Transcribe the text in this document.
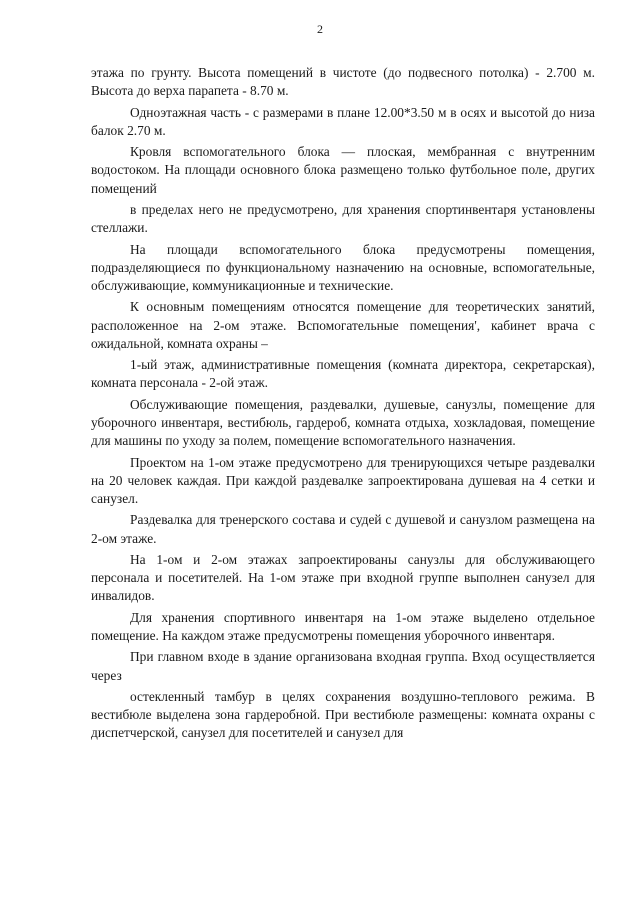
2

этажа по грунту. Высота помещений в чистоте (до подвесного потолка) - 2.700 м. Высота до верха парапета - 8.70 м.

Одноэтажная часть - с размерами в плане 12.00*3.50 м в осях и высотой до низа балок 2.70 м.

Кровля вспомогательного блока — плоская, мембранная с внутренним водостоком. На площади основного блока размещено только футбольное поле, других помещений

в пределах него не предусмотрено, для хранения спортинвентаря установлены стеллажи.

На площади вспомогательного блока предусмотрены помещения, подразделяющиеся по функциональному назначению на основные, вспомогательные, обслуживающие, коммуникационные и технические.

К основным помещениям относятся помещение для теоретических занятий, расположенное на 2-ом этаже. Вспомогательные помещения', кабинет врача с ожидальной, комната охраны –

1-ый этаж, административные помещения (комната директора, секретарская), комната персонала - 2-ой этаж.

Обслуживающие помещения, раздевалки, душевые, санузлы, помещение для уборочного инвентаря, вестибюль, гардероб, комната отдыха, хозкладовая, помещение для машины по уходу за полем, помещение вспомогательного назначения.

Проектом на 1-ом этаже предусмотрено для тренирующихся четыре раздевалки на 20 человек каждая. При каждой раздевалке запроектирована душевая на 4 сетки и санузел.

Раздевалка для тренерского состава и судей с душевой и санузлом размещена на 2-ом этаже.

На 1-ом и 2-ом этажах запроектированы санузлы для обслуживающего персонала и посетителей. На 1-ом этаже при входной группе выполнен санузел для инвалидов.

Для хранения спортивного инвентаря на 1-ом этаже выделено отдельное помещение. На каждом этаже предусмотрены помещения уборочного инвентаря.

При главном входе в здание организована входная группа. Вход осуществляется через

остекленный тамбур в целях сохранения воздушно-теплового режима. В вестибюле выделена зона гардеробной. При вестибюле размещены: комната охраны с диспетчерской, санузел для посетителей и санузел для
